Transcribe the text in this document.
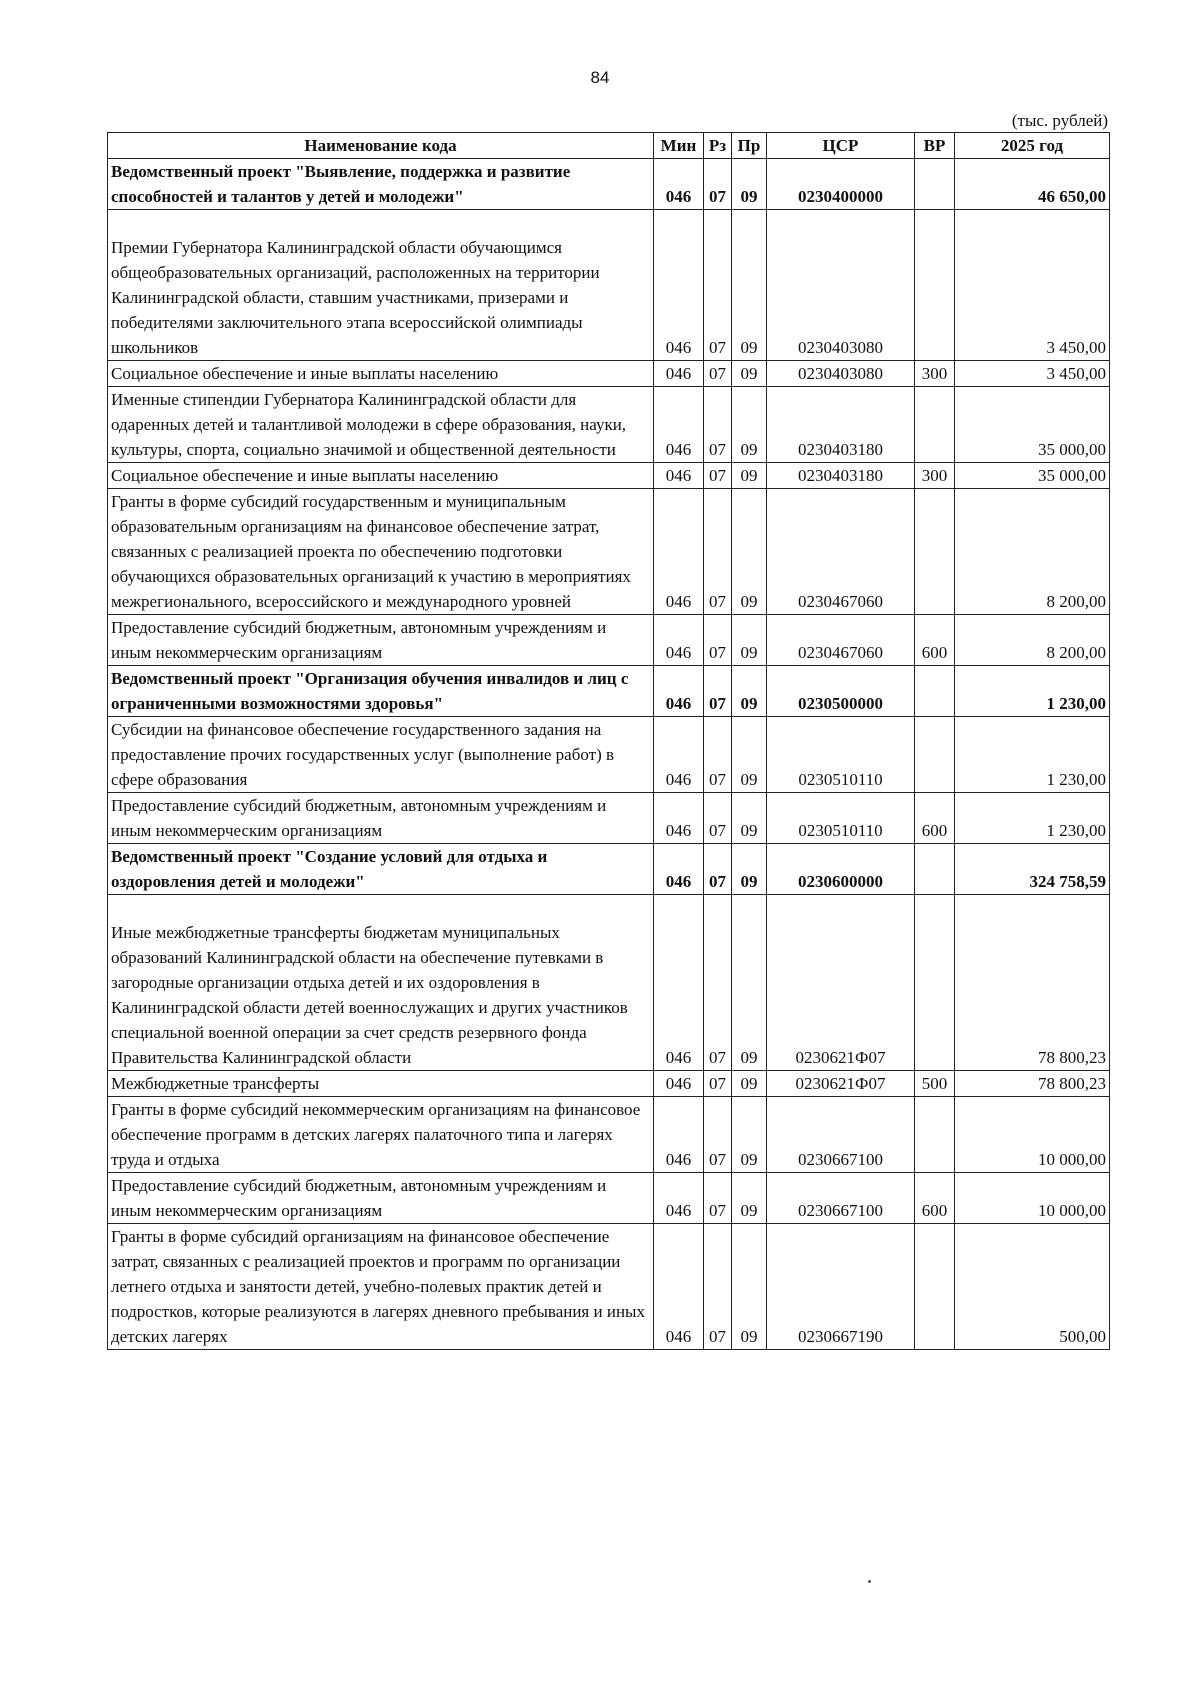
84
(тыс. рублей)
Наименование кода	Мин	Рз	Пр	ЦСР	ВР	2025 год
Ведомственный проект "Выявление, поддержка и развитие способностей и талантов у детей и молодежи"	046	07	09	0230400000		46 650,00
Премии Губернатора Калининградской области обучающимся общеобразовательных организаций, расположенных на территории Калининградской области, ставшим участниками, призерами и победителями заключительного этапа всероссийской олимпиады школьников	046	07	09	0230403080		3 450,00
Социальное обеспечение и иные выплаты населению	046	07	09	0230403080	300	3 450,00
Именные стипендии Губернатора Калининградской области для одаренных детей и талантливой молодежи в сфере образования, науки, культуры, спорта, социально значимой и общественной деятельности	046	07	09	0230403180		35 000,00
Социальное обеспечение и иные выплаты населению	046	07	09	0230403180	300	35 000,00
Гранты в форме субсидий государственным и муниципальным образовательным организациям на финансовое обеспечение затрат, связанных с реализацией проекта по обеспечению подготовки обучающихся образовательных организаций к участию в мероприятиях межрегионального, всероссийского и международного уровней	046	07	09	0230467060		8 200,00
Предоставление субсидий бюджетным, автономным учреждениям и иным некоммерческим организациям	046	07	09	0230467060	600	8 200,00
Ведомственный проект "Организация обучения инвалидов и лиц с ограниченными возможностями здоровья"	046	07	09	0230500000		1 230,00
Субсидии на финансовое обеспечение государственного задания на предоставление прочих государственных услуг (выполнение работ) в сфере образования	046	07	09	0230510110		1 230,00
Предоставление субсидий бюджетным, автономным учреждениям и иным некоммерческим организациям	046	07	09	0230510110	600	1 230,00
Ведомственный проект "Создание условий для отдыха и оздоровления детей и молодежи"	046	07	09	0230600000		324 758,59
Иные межбюджетные трансферты бюджетам муниципальных образований Калининградской области на обеспечение путевками в загородные организации отдыха детей и их оздоровления в Калининградской области детей военнослужащих и других участников специальной военной операции за счет средств резервного фонда Правительства Калининградской области	046	07	09	0230621Ф07		78 800,23
Межбюджетные трансферты	046	07	09	0230621Ф07	500	78 800,23
Гранты в форме субсидий некоммерческим организациям на финансовое обеспечение программ в детских лагерях палаточного типа и лагерях труда и отдыха	046	07	09	0230667100		10 000,00
Предоставление субсидий бюджетным, автономным учреждениям и иным некоммерческим организациям	046	07	09	0230667100	600	10 000,00
Гранты в форме субсидий организациям на финансовое обеспечение затрат, связанных с реализацией проектов и программ по организации летнего отдыха и занятости детей, учебно-полевых практик детей и подростков, которые реализуются в лагерях дневного пребывания и иных детских лагерях	046	07	09	0230667190		500,00
